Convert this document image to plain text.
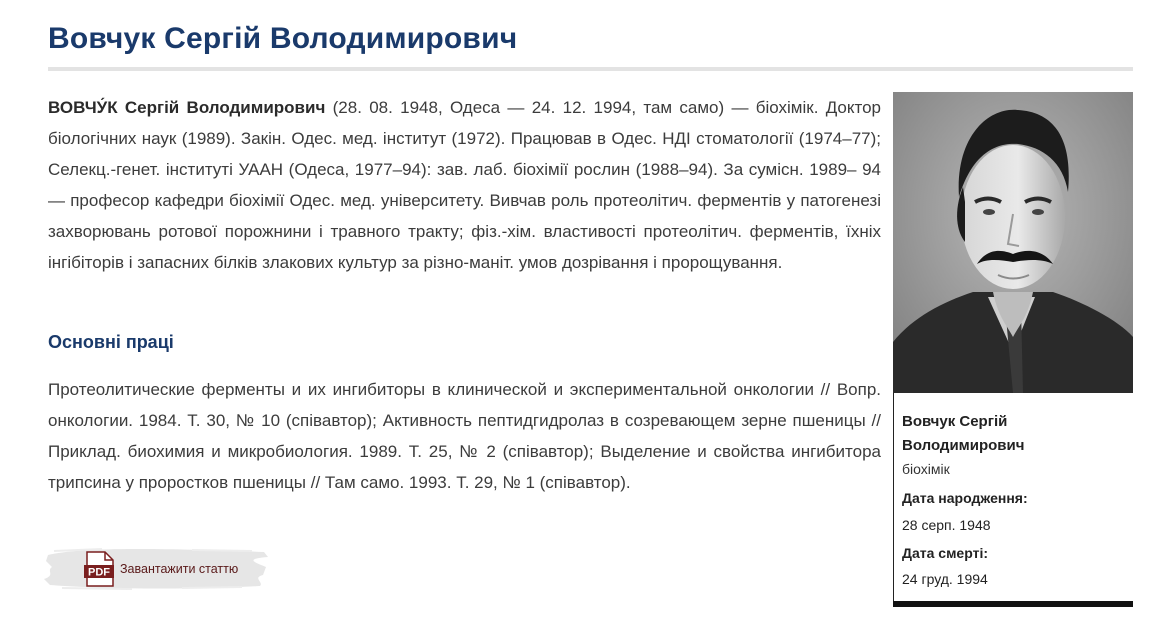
Вовчук Сергій Володимирович

ВОВЧУ́К Сергій Володимирович (28. 08. 1948, Одеса — 24. 12. 1994, там само) — біохімік. Доктор біологічних наук (1989). Закін. Одес. мед. інститут (1972). Працював в Одес. НДІ стоматології (1974–77); Селекц.-генет. інституті УААН (Одеса, 1977–94): зав. лаб. біохімії рослин (1988–94). За сумісн. 1989– 94 — професор кафедри біохімії Одес. мед. університету. Вивчав роль протеолітич. ферментів у патогенезі захворювань ротової порожнини і травного тракту; фіз.-хім. властивості протеолітич. ферментів, їхніх інгібіторів і запасних білків злакових культур за різно-маніт. умов дозрівання і пророщування.

Основні праці

Протеолитические ферменты и их ингибиторы в клинической и экспериментальной онкологии // Вопр. онкологии. 1984. Т. 30, № 10 (співавтор); Активность пептидгидролаз в созревающем зерне пшеницы // Приклад. биохимия и микробиология. 1989. Т. 25, № 2 (співавтор); Выделение и свойства ингибитора трипсина у проростков пшеницы // Там само. 1993. Т. 29, № 1 (співавтор).

PDF Завантажити статтю

Вовчук Сергій Володимирович

біохімік
Дата народження:
28 серп. 1948
Дата смерті:
24 груд. 1994
